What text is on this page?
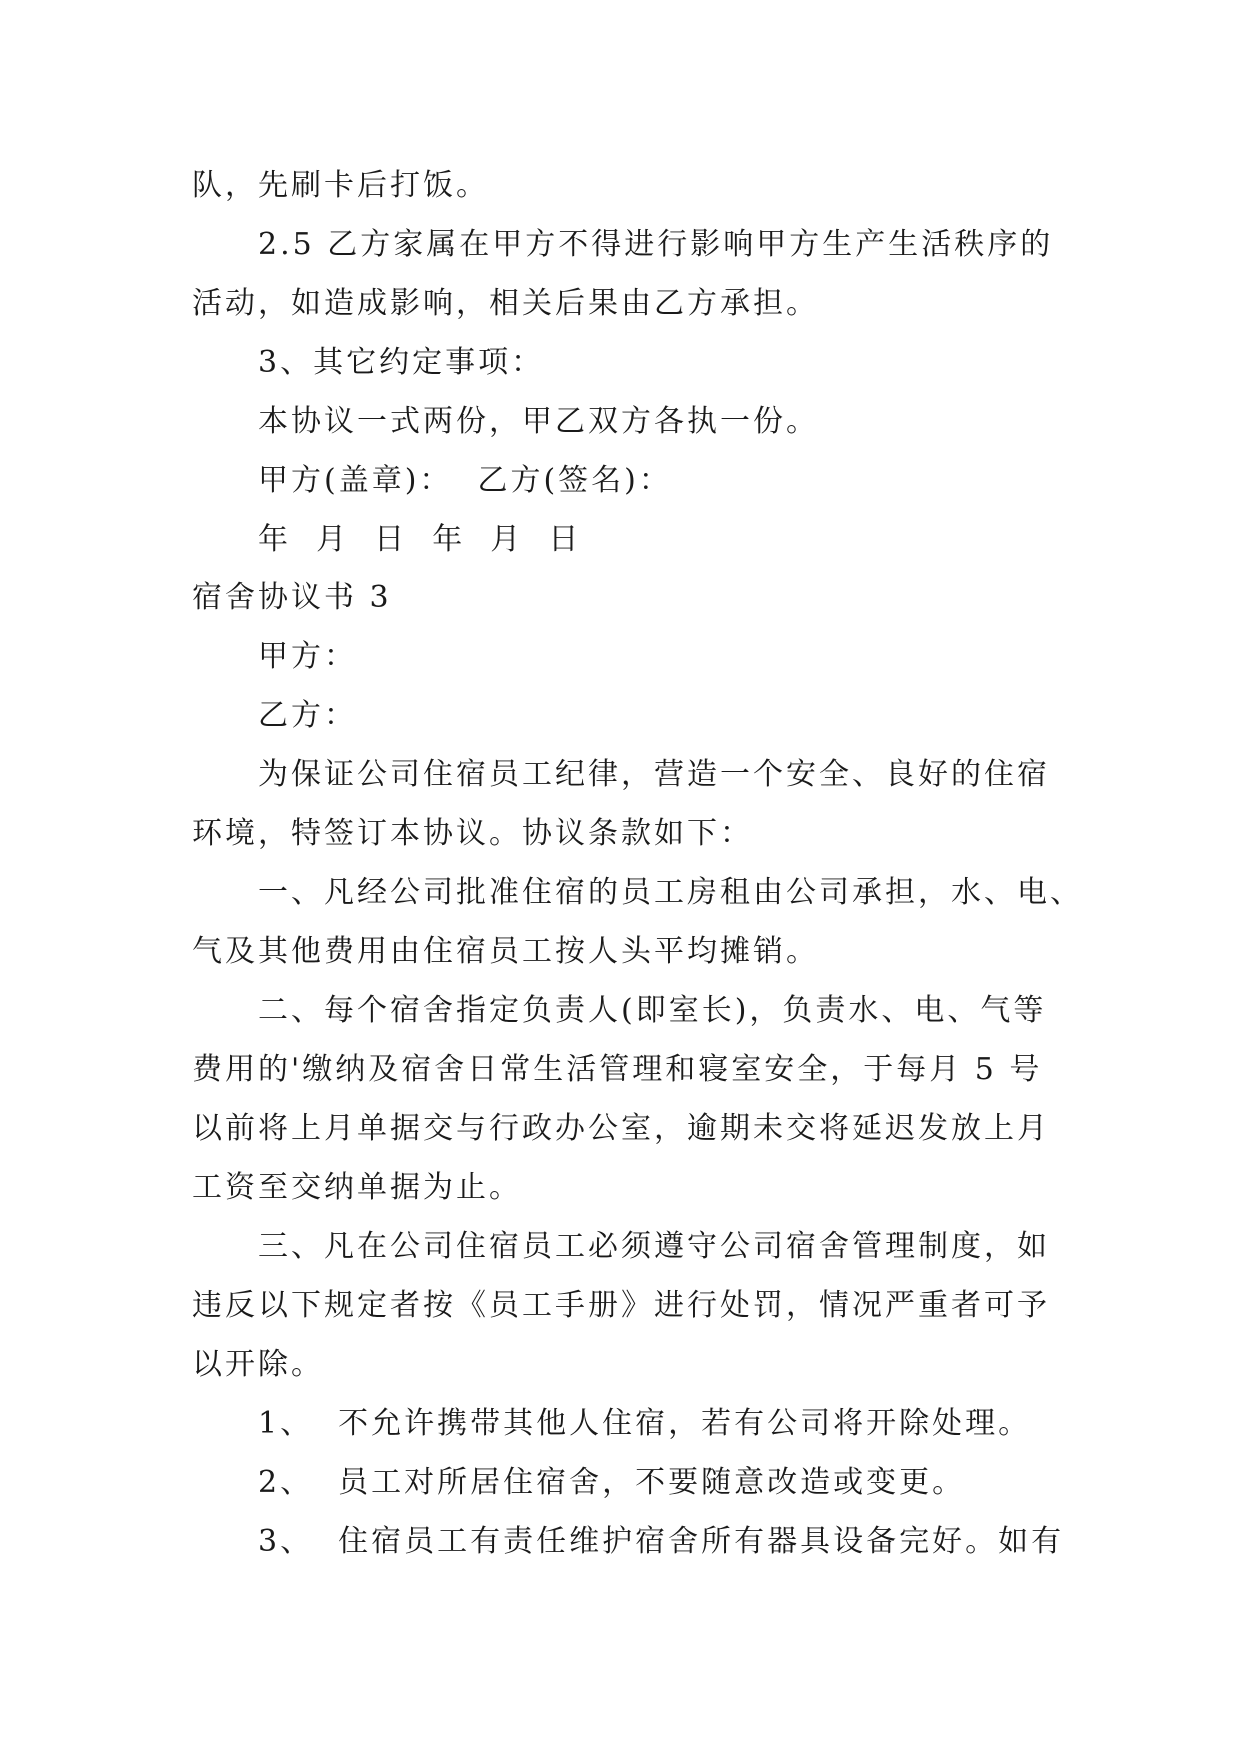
队，先刷卡后打饭。
2.5 乙方家属在甲方不得进行影响甲方生产生活秩序的
活动，如造成影响，相关后果由乙方承担。
3、其它约定事项：
本协议一式两份，甲乙双方各执一份。
甲方(盖章)：  乙方(签名)：
年  月  日  年  月  日
宿舍协议书 3
甲方：
乙方：
为保证公司住宿员工纪律，营造一个安全、良好的住宿
环境，特签订本协议。协议条款如下：
一、凡经公司批准住宿的员工房租由公司承担，水、电、
气及其他费用由住宿员工按人头平均摊销。
二、每个宿舍指定负责人(即室长)，负责水、电、气等
费用的'缴纳及宿舍日常生活管理和寝室安全，于每月 5 号
以前将上月单据交与行政办公室，逾期未交将延迟发放上月
工资至交纳单据为止。
三、凡在公司住宿员工必须遵守公司宿舍管理制度，如
违反以下规定者按《员工手册》进行处罚，情况严重者可予
以开除。
1、  不允许携带其他人住宿，若有公司将开除处理。
2、  员工对所居住宿舍，不要随意改造或变更。
3、  住宿员工有责任维护宿舍所有器具设备完好。如有
